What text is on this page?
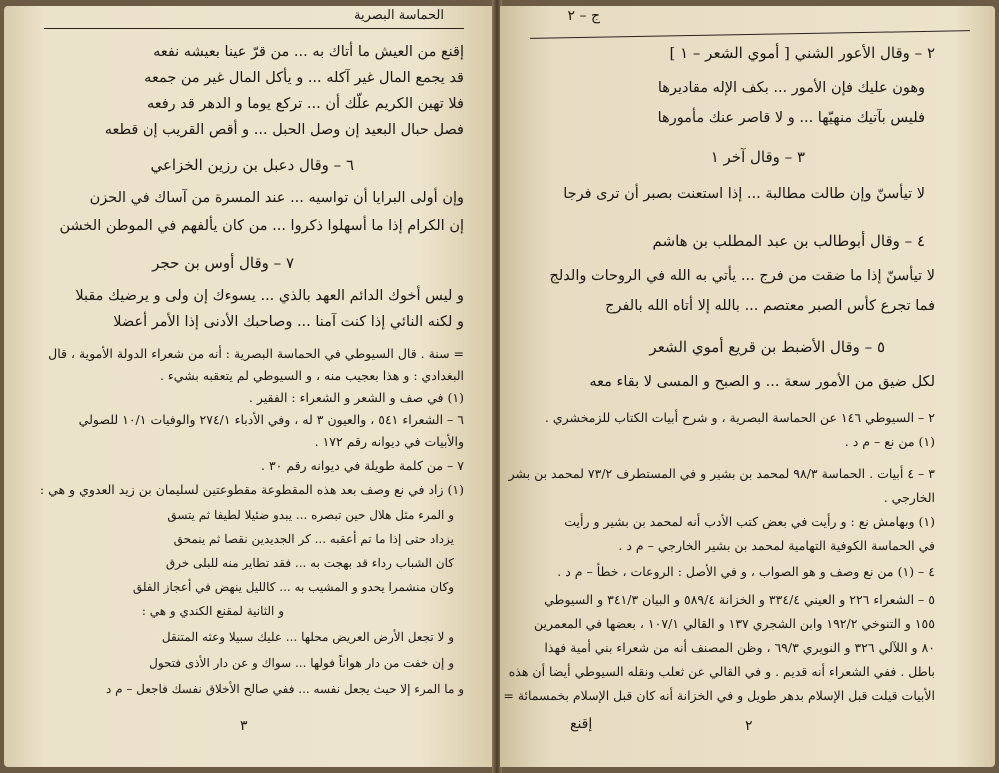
الحماسة البصرية
إقنع من العيش ما أتاك به ... من قرّ عينا بعيشه نفعه
قد يجمع المال غير آكله ... و يأكل المال غير من جمعه
فلا تهين الكريم علّك أن ... تركع يوما و الدهر قد رفعه
فصل حبال البعيد إن وصل الحبل ... و أقص القريب إن قطعه
٦ – وقال دعبل بن رزين الخزاعي
وإن أولى البرايا أن تواسيه ... عند المسرة من آساك في الحزن
إن الكرام إذا ما أسهلوا ذكروا ... من كان يألفهم في الموطن الخشن
٧ – وقال أوس بن حجر
و ليس أخوك الدائم العهد بالذي ... يسوءك إن ولى و يرضيك مقبلا
و لكنه النائي إذا كنت آمنا ... وصاحبك الأدنى إذا الأمر أعضلا
= سنة . قال السيوطي في الحماسة البصرية : أنه من شعراء الدولة الأموية ، قال
البغدادي : و هذا بعجيب منه ، و السيوطي لم يتعقبه بشيء .
(١) في صف و الشعر و الشعراء : الفقير .
٦ – الشعراء ٥٤١ ، والعيون ٣ له ، وفي الأدباء ٢٧٤/١ والوفيات ١٠/١ للصولي
والأبيات في ديوانه رقم ١٧٢ .
٧ – من كلمة طويلة في ديوانه رقم ٣٠ .
(١) زاد في نع وصف بعد هذه المقطوعة مقطوعتين لسليمان بن زيد العدوي و هي :
و المرء مثل هلال حين تبصره ... يبدو ضئيلا لطيفا ثم يتسق
يزداد حتى إذا ما تم أعقبه ... كر الجديدين نقصا ثم ينمحق
كان الشباب رداء قد بهجت به ... فقد تطاير منه للبلى خرق
وكان منشمرا يحدو و المشيب به ... كالليل ينهض في أعجاز الفلق
و الثانية لمقنع الكندي و هي :
و لا تجعل الأرض العريض محلها ... عليك سبيلا وعثه المتنقل
و إن خفت من دار هواناً فولها ... سواك و عن دار الأذى فتحول
و ما المرء إلا حيث يجعل نفسه ... ففي صالح الأخلاق نفسك فاجعل – م د
٣
ج – ٢
٢ – وقال الأعور الشني [ أموي الشعر – ١ ]
وهون عليك فإن الأمور ... بكف الإله مقاديرها
فليس بآتيك منهيّها ... و لا قاصر عنك مأمورها
٣ – وقال آخر ١
لا تيأسنّ وإن طالت مطالبة ... إذا استعنت بصبر أن ترى فرجا
٤ – وقال أبوطالب بن عبد المطلب بن هاشم
لا تيأسنّ إذا ما ضقت من فرج ... يأتي به الله في الروحات والدلج
فما تجرع كأس الصبر معتصم ... بالله إلا أتاه الله بالفرج
٥ – وقال الأضبط بن قريع أموي الشعر
لكل ضيق من الأمور سعة ... و الصبح و المسى لا بقاء معه
٢ – السيوطي ١٤٦ عن الحماسة البصرية ، و شرح أبيات الكتاب للزمخشري .
(١) من نع – م د .
٣ – ٤ أبيات . الحماسة ٩٨/٣ لمحمد بن بشير و في المستطرف ٧٣/٢ لمحمد بن بشر
الخارجي .
(١) وبهامش نع : و رأيت في بعض كتب الأدب أنه لمحمد بن بشير و رأيت
في الحماسة الكوفية التهامية لمحمد بن بشير الخارجي – م د .
٤ – (١) من نع وصف و هو الصواب ، و في الأصل : الروعات ، خطأ – م د .
٥ – الشعراء ٢٢٦ و العيني ٣٣٤/٤ و الخزانة ٥٨٩/٤ و البيان ٣٤١/٣ و السيوطي
١٥٥ و التنوخي ١٩٢/٢ وابن الشجري ١٣٧ و القالي ١٠٧/١ ، بعضها في المعمرين
٨٠ و اللآلي ٣٢٦ و النويري ٦٩/٣ ، وظن المصنف أنه من شعراء بني أمية فهذا
باطل . ففي الشعراء أنه قديم . و في القالي عن ثعلب ونقله السيوطي أيضا أن هذه
الأبيات قيلت قبل الإسلام بدهر طويل و في الخزانة أنه كان قبل الإسلام بخمسمائة =
٢
إقنع
